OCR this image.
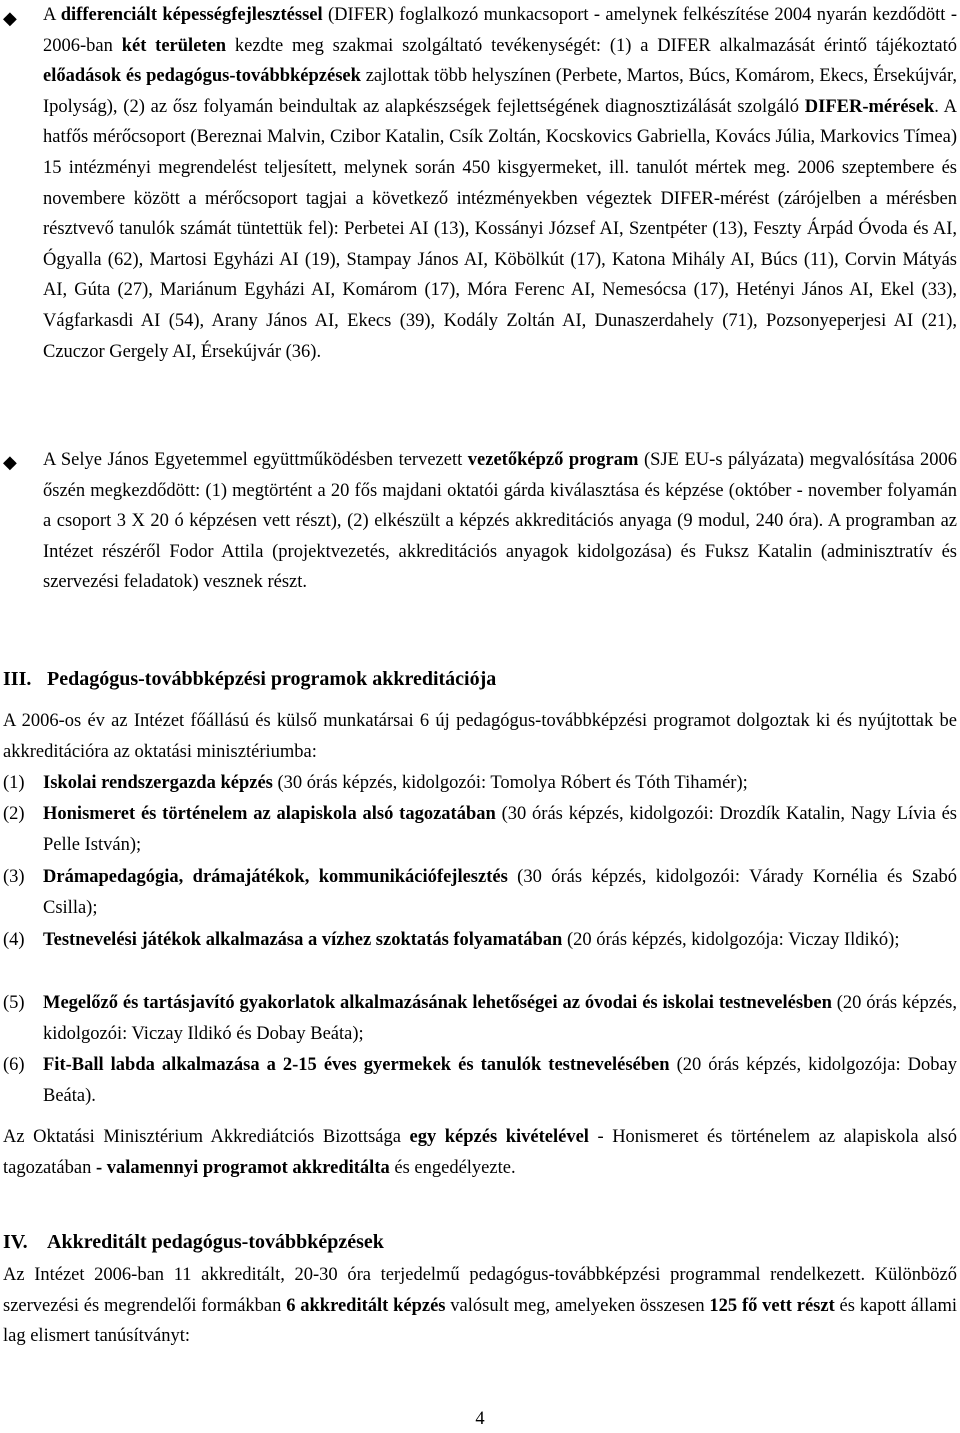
◆ A differenciált képességfejlesztéssel (DIFER) foglalkozó munkacsoport - amelynek felkészítése 2004 nyarán kezdődött - 2006-ban két területen kezdte meg szakmai szolgáltató tevékenységét: (1) a DIFER alkalmazását érintő tájékoztató előadások és pedagógus-továbbképzések zajlottak több helyszínen (Perbete, Martos, Búcs, Komárom, Ekecs, Érsekújvár, Ipolyság), (2) az ősz folyamán beindultak az alapkészségek fejlettségének diagnosztizálását szolgáló DIFER-mérések. A hatfős mérőcsoport (Bereznai Malvin, Czibor Katalin, Csík Zoltán, Kocskovics Gabriella, Kovács Júlia, Markovics Tímea) 15 intézményi megrendelést teljesített, melynek során 450 kisgyermeket, ill. tanulót mértek meg. 2006 szeptembere és novembere között a mérőcsoport tagjai a következő intézményekben végeztek DIFER-mérést (zárójelben a mérésben résztvevő tanulók számát tüntettük fel): Perbetei AI (13), Kossányi József AI, Szentpéter (13), Feszty Árpád Óvoda és AI, Ógyalla (62), Martosi Egyházi AI (19), Stampay János AI, Köbölkút (17), Katona Mihály AI, Búcs (11), Corvin Mátyás AI, Gúta (27), Mariánum Egyházi AI, Komárom (17), Móra Ferenc AI, Nemesócsa (17), Hetényi János AI, Ekel (33), Vágfarkasdi AI (54), Arany János AI, Ekecs (39), Kodály Zoltán AI, Dunaszerdahely (71), Pozsonyeperjesi AI (21), Czuczor Gergely AI, Érsekújvár (36).
◆ A Selye János Egyetemmel együttműködésben tervezett vezetőképző program (SJE EU-s pályázata) megvalósítása 2006 őszén megkezdődött: (1) megtörtént a 20 fős majdani oktatói gárda kiválasztása és képzése (október - november folyamán a csoport 3 X 20 ó képzésen vett részt), (2) elkészült a képzés akkreditációs anyaga (9 modul, 240 óra). A programban az Intézet részéről Fodor Attila (projektvezetés, akkreditációs anyagok kidolgozása) és Fuksz Katalin (adminisztratív és szervezési feladatok) vesznek részt.
III. Pedagógus-továbbképzési programok akkreditációja
A 2006-os év az Intézet főállású és külső munkatársai 6 új pedagógus-továbbképzési programot dolgoztak ki és nyújtottak be akkreditációra az oktatási minisztériumba:
(1) Iskolai rendszergazda képzés (30 órás képzés, kidolgozói: Tomolya Róbert és Tóth Tihamér);
(2) Honismeret és történelem az alapiskola alsó tagozatában (30 órás képzés, kidolgozói: Drozdík Katalin, Nagy Lívia és Pelle István);
(3) Drámapedagógia, drámajátékok, kommunikációfejlesztés (30 órás képzés, kidolgozói: Várady Kornélia és Szabó Csilla);
(4) Testnevelési játékok alkalmazása a vízhez szoktatás folyamatában (20 órás képzés, kidolgozója: Viczay Ildikó);
(5) Megelőző és tartásjavító gyakorlatok alkalmazásának lehetőségei az óvodai és iskolai testnevelésben (20 órás képzés, kidolgozói: Viczay Ildikó és Dobay Beáta);
(6) Fit-Ball labda alkalmazása a 2-15 éves gyermekek és tanulók testnevelésében (20 órás képzés, kidolgozója: Dobay Beáta).
Az Oktatási Minisztérium Akkrediátciós Bizottsága egy képzés kivételével - Honismeret és történelem az alapiskola alsó tagozatában - valamennyi programot akkreditálta és engedélyezte.
IV. Akkreditált pedagógus-továbbképzések
Az Intézet 2006-ban 11 akkreditált, 20-30 óra terjedelmű pedagógus-továbbképzési programmal rendelkezett. Különböző szervezési és megrendelői formákban 6 akkreditált képzés valósult meg, amelyeken összesen 125 fő vett részt és kapott állami lag elismert tanúsítványt:
4
